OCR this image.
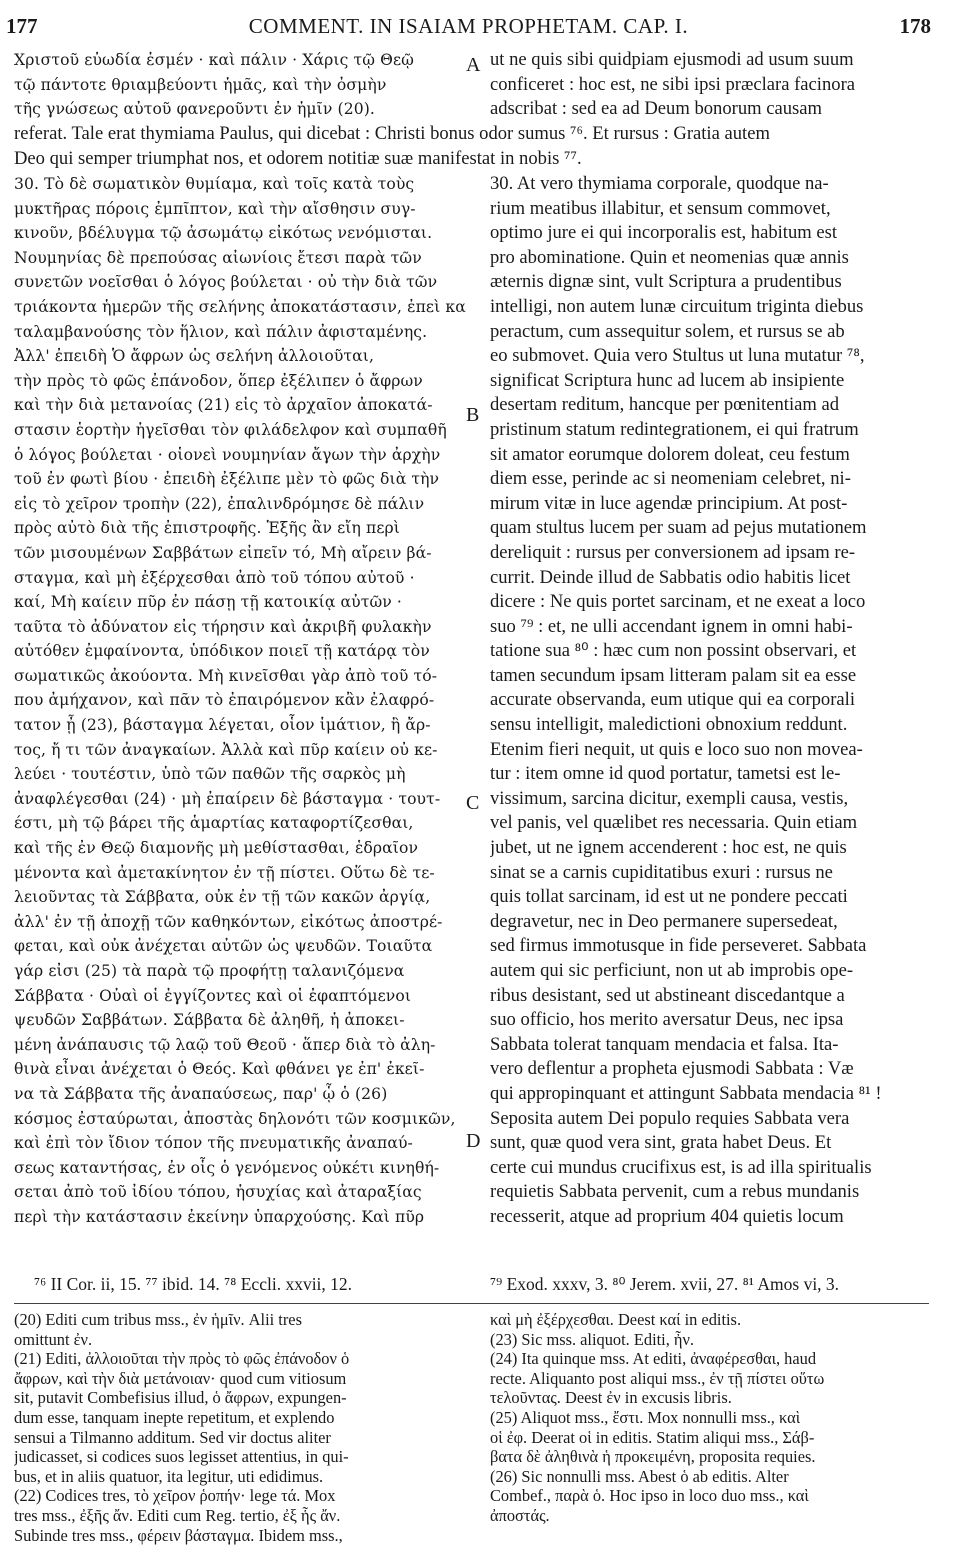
177	COMMENT. IN ISAIAM PROPHETAM. CAP. I.	178
Χριστοῦ εὐωδία ἐσμέν · καὶ πάλιν · Χάρις τῷ Θεῷ
τῷ πάντοτε θριαμβεύοντι ἡμᾶς, καὶ τὴν ὀσμὴν
τῆς γνώσεως αὐτοῦ φανεροῦντι ἐν ἡμῖν (20).
ut ne quis sibi quidpiam ejusmodi ad usum suum
conficeret : hoc est, ne sibi ipsi præclara facinora
adscribat : sed ea ad Deum bonorum causam
referat. Tale erat thymiama Paulus, qui dicebat : Christi bonus odor sumus ⁷⁶. Et rursus : Gratia autem
Deo qui semper triumphat nos, et odorem notitiæ suæ manifestat in nobis ⁷⁷.
30. Τὸ δὲ σωματικὸν θυμίαμα, καὶ τοῖς κατὰ τοὺς
μυκτῆρας πόροις ἐμπῖπτον, καὶ τὴν αἴσθησιν συγ-
κινοῦν, βδέλυγμα τῷ ἀσωμάτῳ εἰκότως νενόμισται.
Νουμηνίας δὲ πρεπούσας αἰωνίοις ἔτεσι παρὰ τῶν
συνετῶν νοεῖσθαι ὁ λόγος βούλεται · οὐ τὴν διὰ τῶν
τριάκοντα ἡμερῶν τῆς σελήνης ἀποκατάστασιν, ἐπεὶ κα
ταλαμβανούσης τὸν ἥλιον, καὶ πάλιν ἀφισταμένης.
Ἀλλ' ἐπειδὴ Ὁ ἄφρων ὡς σελήνη ἀλλοιοῦται,
τὴν πρὸς τὸ φῶς ἐπάνοδον, ὅπερ ἐξέλιπεν ὁ ἄφρων
καὶ τὴν διὰ μετανοίας (21) εἰς τὸ ἀρχαῖον ἀποκατά-
στασιν ἑορτὴν ἡγεῖσθαι τὸν φιλάδελφον καὶ συμπαθῆ
ὁ λόγος βούλεται · οἱονεὶ νουμηνίαν ἄγων τὴν ἀρχὴν
τοῦ ἐν φωτὶ βίου · ἐπειδὴ ἐξέλιπε μὲν τὸ φῶς διὰ τὴν
εἰς τὸ χεῖρον τροπὴν (22), ἐπαλινδρόμησε δὲ πάλιν
πρὸς αὐτὸ διὰ τῆς ἐπιστροφῆς. Ἑξῆς ἂν εἴη περὶ
τῶν μισουμένων Σαββάτων εἰπεῖν τό, Μὴ αἴρειν βά-
σταγμα, καὶ μὴ ἐξέρχεσθαι ἀπὸ τοῦ τόπου αὐτοῦ ·
καί, Μὴ καίειν πῦρ ἐν πάσῃ τῇ κατοικίᾳ αὐτῶν ·
ταῦτα τὸ ἀδύνατον εἰς τήρησιν καὶ ἀκριβῆ φυλακὴν
αὐτόθεν ἐμφαίνοντα, ὑπόδικον ποιεῖ τῇ κατάρᾳ τὸν
σωματικῶς ἀκούοντα. Μὴ κινεῖσθαι γὰρ ἀπὸ τοῦ τό-
που ἀμήχανον, καὶ πᾶν τὸ ἐπαιρόμενον κἂν ἐλαφρό-
τατον ᾖ (23), βάσταγμα λέγεται, οἷον ἱμάτιον, ἢ ἄρ-
τος, ἤ τι τῶν ἀναγκαίων. Ἀλλὰ καὶ πῦρ καίειν οὐ κε-
λεύει · τουτέστιν, ὑπὸ τῶν παθῶν τῆς σαρκὸς μὴ
ἀναφλέγεσθαι (24) · μὴ ἐπαίρειν δὲ βάσταγμα · τουτ-
έστι, μὴ τῷ βάρει τῆς ἁμαρτίας καταφορτίζεσθαι,
καὶ τῆς ἐν Θεῷ διαμονῆς μὴ μεθίστασθαι, ἑδραῖον
μένοντα καὶ ἀμετακίνητον ἐν τῇ πίστει. Οὕτω δὲ τε-
λειοῦντας τὰ Σάββατα, οὐκ ἐν τῇ τῶν κακῶν ἀργίᾳ,
ἀλλ' ἐν τῇ ἀποχῇ τῶν καθηκόντων, εἰκότως ἀποστρέ-
φεται, καὶ οὐκ ἀνέχεται αὐτῶν ὡς ψευδῶν. Τοιαῦτα
γάρ εἰσι (25) τὰ παρὰ τῷ προφήτῃ ταλανιζόμενα
Σάββατα · Οὐαὶ οἱ ἐγγίζοντες καὶ οἱ ἐφαπτόμενοι
ψευδῶν Σαββάτων. Σάββατα δὲ ἀληθῆ, ἡ ἀποκει-
μένη ἀνάπαυσις τῷ λαῷ τοῦ Θεοῦ · ἅπερ διὰ τὸ ἀλη-
θινὰ εἶναι ἀνέχεται ὁ Θεός. Καὶ φθάνει γε ἐπ' ἐκεῖ-
να τὰ Σάββατα τῆς ἀναπαύσεως, παρ' ᾧ ὁ (26)
κόσμος ἐσταύρωται, ἀποστὰς δηλονότι τῶν κοσμικῶν,
καὶ ἐπὶ τὸν ἴδιον τόπον τῆς πνευματικῆς ἀναπαύ-
σεως καταντήσας, ἐν οἷς ὁ γενόμενος οὐκέτι κινηθή-
σεται ἀπὸ τοῦ ἰδίου τόπου, ἡσυχίας καὶ ἀταραξίας
περὶ τὴν κατάστασιν ἐκείνην ὑπαρχούσης. Καὶ πῦρ
30. At vero thymiama corporale, quodque na-
rium meatibus illabitur, et sensum commovet,
optimo jure ei qui incorporalis est, habitum est
pro abominatione. Quin et neomenias quæ annis
æternis dignæ sint, vult Scriptura a prudentibus
intelligi, non autem lunæ circuitum triginta diebus
peractum, cum assequitur solem, et rursus se ab
eo submovet. Quia vero Stultus ut luna mutatur ⁷⁸,
significat Scriptura hunc ad lucem ab insipiente
desertam reditum, hancque per pœnitentiam ad
pristinum statum redintegrationem, ei qui fratrum
sit amator eorumque dolorem doleat, ceu festum
diem esse, perinde ac si neomeniam celebret, ni-
mirum vitæ in luce agendæ principium. At post-
quam stultus lucem per suam ad pejus mutationem
dereliquit : rursus per conversionem ad ipsam re-
currit. Deinde illud de Sabbatis odio habitis licet
dicere : Ne quis portet sarcinam, et ne exeat a loco
suo ⁷⁹ : et, ne ulli accendant ignem in omni habi-
tatione sua ⁸⁰ : hæc cum non possint observari, et
tamen secundum ipsam litteram palam sit ea esse
accurate observanda, eum utique qui ea corporali
sensu intelligit, maledictioni obnoxium reddunt.
Etenim fieri nequit, ut quis e loco suo non movea-
tur : item omne id quod portatur, tametsi est le-
vissimum, sarcina dicitur, exempli causa, vestis,
vel panis, vel quælibet res necessaria. Quin etiam
jubet, ut ne ignem accenderent : hoc est, ne quis
sinat se a carnis cupiditatibus exuri : rursus ne
quis tollat sarcinam, id est ut ne pondere peccati
degravetur, nec in Deo permanere supersedeat,
sed firmus immotusque in fide perseveret. Sabbata
autem qui sic perficiunt, non ut ab improbis ope-
ribus desistant, sed ut abstineant discedantque a
suo officio, hos merito aversatur Deus, nec ipsa
Sabbata tolerat tanquam mendacia et falsa. Ita-
vero deflentur a propheta ejusmodi Sabbata : Væ
qui appropinquant et attingunt Sabbata mendacia ⁸¹ !
Seposita autem Dei populo requies Sabbata vera
sunt, quæ quod vera sint, grata habet Deus. Et
certe cui mundus crucifixus est, is ad illa spiritualis
requietis Sabbata pervenit, cum a rebus mundanis
recesserit, atque ad proprium 404 quietis locum
A
B
C
D
⁷⁶ II Cor. ii, 15. ⁷⁷ ibid. 14. ⁷⁸ Eccli. xxvii, 12.	⁷⁹ Exod. xxxv, 3. ⁸⁰ Jerem. xvii, 27. ⁸¹ Amos vi, 3.
(20) Editi cum tribus mss., ἐν ἡμῖν. Alii tres
omittunt ἐν.
(21) Editi, ἀλλοιοῦται τὴν πρὸς τὸ φῶς ἐπάνοδον ὁ
ἄφρων, καὶ τὴν διὰ μετάνοιαν· quod cum vitiosum
sit, putavit Combefisius illud, ὁ ἄφρων, expungen-
dum esse, tanquam inepte repetitum, et explendo
sensui a Tilmanno additum. Sed vir doctus aliter
judicasset, si codices suos legisset attentius, in qui-
bus, et in aliis quatuor, ita legitur, uti edidimus.
(22) Codices tres, τὸ χεῖρον ῥοπήν· lege τά. Mox
tres mss., ἐξῆς ἄν. Editi cum Reg. tertio, ἐξ ἧς ἄν.
Subinde tres mss., φέρειν βάσταγμα. Ibidem mss.,
καὶ μὴ ἐξέρχεσθαι. Deest καί in editis.
(23) Sic mss. aliquot. Editi, ἦν.
(24) Ita quinque mss. At editi, ἀναφέρεσθαι, haud
recte. Aliquanto post aliqui mss., ἐν τῇ πίστει οὕτω
τελοῦντας. Deest ἐν in excusis libris.
(25) Aliquot mss., ἔστι. Mox nonnulli mss., καὶ
οἱ ἐφ. Deerat οἱ in editis. Statim aliqui mss., Σάβ-
βατα δὲ ἀληθινὰ ἡ προκειμένη, proposita requies.
(26) Sic nonnulli mss. Abest ὁ ab editis. Alter
Combef., παρὰ ὁ. Hoc ipso in loco duo mss., καὶ
ἀποστάς.
